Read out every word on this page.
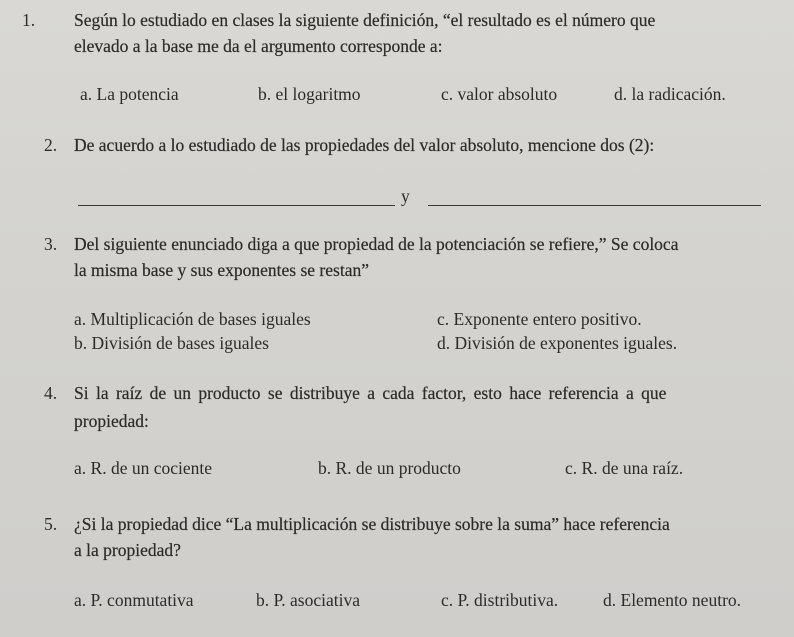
1. Según lo estudiado en clases la siguiente definición, “el resultado es el número que
elevado a la base me da el argumento corresponde a:
a. La potencia	b. el logaritmo	c. valor absoluto	d. la radicación.
2. De acuerdo a lo estudiado de las propiedades del valor absoluto, mencione dos (2):
y
3. Del siguiente enunciado diga a que propiedad de la potenciación se refiere,” Se coloca
la misma base y sus exponentes se restan”
a. Multiplicación de bases iguales	c. Exponente entero positivo.
b. División de bases iguales	d. División de exponentes iguales.
4. Si la raíz de un producto se distribuye a cada factor, esto hace referencia a que
propiedad:
a. R. de un cociente	b. R. de un producto	c. R. de una raíz.
5. ¿Si la propiedad dice “La multiplicación se distribuye sobre la suma” hace referencia
a la propiedad?
a. P. conmutativa	b. P. asociativa	c. P. distributiva.	d. Elemento neutro.
